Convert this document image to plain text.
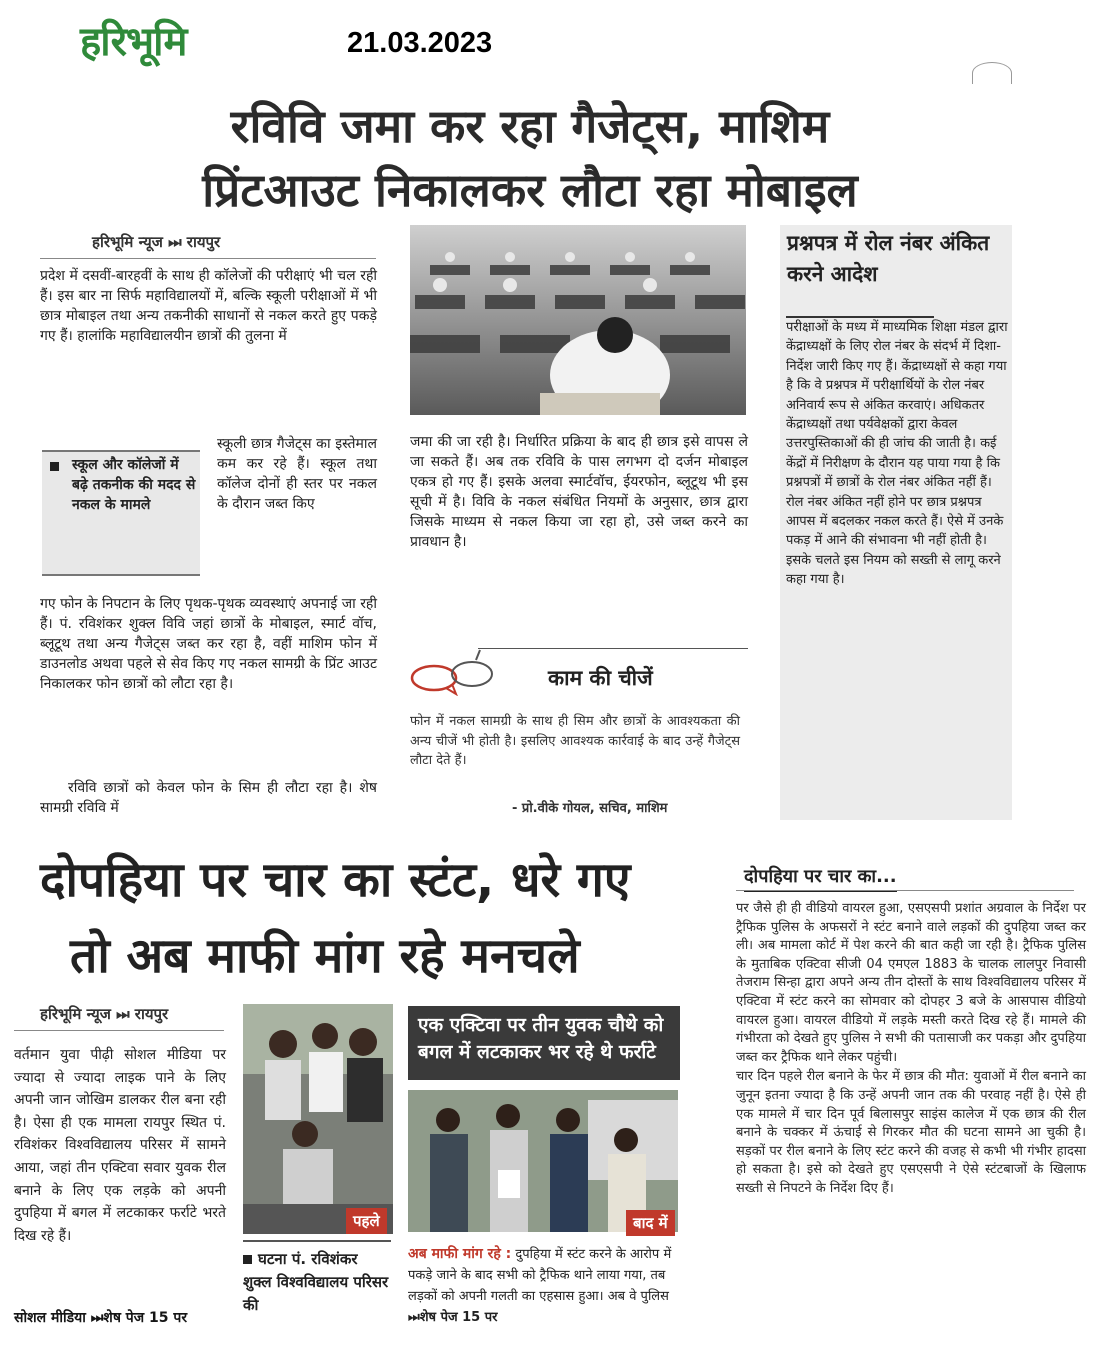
हरिभूमि	21.03.2023
रविवि जमा कर रहा गैजेट्स, माशिम
प्रिंटआउट निकालकर लौटा रहा मोबाइल
हरिभूमि न्यूज ⏭ रायपुर
प्रदेश में दसवीं-बारहवीं के साथ ही कॉलेजों की परीक्षाएं भी चल रही हैं। इस बार ना सिर्फ महाविद्यालयों में, बल्कि स्कूली परीक्षाओं में भी छात्र मोबाइल तथा अन्य तकनीकी साधानों से नकल करते हुए पकड़े गए हैं। हालांकि महाविद्यालयीन छात्रों की तुलना में
स्कूल और कॉलेजों में बढ़े तकनीक की मदद से नकल के मामले
स्कूली छात्र गैजेट्स का इस्तेमाल कम कर रहे हैं। स्कूल तथा कॉलेज दोनों ही स्तर पर नकल के दौरान जब्त किए
गए फोन के निपटान के लिए पृथक-पृथक व्यवस्थाएं अपनाई जा रही हैं। पं. रविशंकर शुक्ल विवि जहां छात्रों के मोबाइल, स्मार्ट वॉच, ब्लूटूथ तथा अन्य गैजेट्स जब्त कर रहा है, वहीं माशिम फोन में डाउनलोड अथवा पहले से सेव किए गए नकल सामग्री के प्रिंट आउट निकालकर फोन छात्रों को लौटा रहा है।
रविवि छात्रों को केवल फोन के सिम ही लौटा रहा है। शेष सामग्री रविवि में
जमा की जा रही है। निर्धारित प्रक्रिया के बाद ही छात्र इसे वापस ले जा सकते हैं। अब तक रविवि के पास लगभग दो दर्जन मोबाइल एकत्र हो गए हैं। इसके अलवा स्मार्टवॉच, ईयरफोन, ब्लूटूथ भी इस सूची में है। विवि के नकल संबंधित नियमों के अनुसार, छात्र द्वारा जिसके माध्यम से नकल किया जा रहा हो, उसे जब्त करने का प्रावधान है।
काम की चीजें
फोन में नकल सामग्री के साथ ही सिम और छात्रों के आवश्यकता की अन्य चीजें भी होती है। इसलिए आवश्यक कार्रवाई के बाद उन्हें गैजेट्स लौटा देते हैं।
- प्रो.वीके गोयल, सचिव, माशिम
प्रश्नपत्र में रोल नंबर अंकित करने आदेश
परीक्षाओं के मध्य में माध्यमिक शिक्षा मंडल द्वारा केंद्राध्यक्षों के लिए रोल नंबर के संदर्भ में दिशा-निर्देश जारी किए गए हैं। केंद्राध्यक्षों से कहा गया है कि वे प्रश्नपत्र में परीक्षार्थियों के रोल नंबर अनिवार्य रूप से अंकित करवाएं। अधिकतर केंद्राध्यक्षों तथा पर्यवेक्षकों द्वारा केवल उत्तरपुस्तिकाओं की ही जांच की जाती है। कई केंद्रों में निरीक्षण के दौरान यह पाया गया है कि प्रश्नपत्रों में छात्रों के रोल नंबर अंकित नहीं हैं। रोल नंबर अंकित नहीं होने पर छात्र प्रश्नपत्र आपस में बदलकर नकल करते हैं। ऐसे में उनके पकड़ में आने की संभावना भी नहीं होती है। इसके चलते इस नियम को सख्ती से लागू करने कहा गया है।
दोपहिया पर चार का स्टंट, धरे गए
तो अब माफी मांग रहे मनचले
हरिभूमि न्यूज ⏭ रायपुर
वर्तमान युवा पीढ़ी सोशल मीडिया पर ज्यादा से ज्यादा लाइक पाने के लिए अपनी जान जोखिम डालकर रील बना रही है। ऐसा ही एक मामला रायपुर स्थित पं. रविशंकर विश्वविद्यालय परिसर में सामने आया, जहां तीन एक्टिवा सवार युवक रील बनाने के लिए एक लड़के को अपनी दुपहिया में बगल में लटकाकर फर्राटे भरते दिख रहे हैं।
सोशल मीडिया ⏭शेष पेज 15 पर
पहले
घटना पं. रविशंकर शुक्ल विश्वविद्यालय परिसर की
एक एक्टिवा पर तीन युवक चौथे को बगल में लटकाकर भर रहे थे फर्राटे
बाद में
अब माफी मांग रहे : दुपहिया में स्टंट करने के आरोप में पकड़े जाने के बाद सभी को ट्रैफिक थाने लाया गया, तब लड़कों को अपनी गलती का एहसास हुआ। अब वे पुलिस ⏭शेष पेज 15 पर
दोपहिया पर चार का...
पर जैसे ही ही वीडियो वायरल हुआ, एसएसपी प्रशांत अग्रवाल के निर्देश पर ट्रैफिक पुलिस के अफसरों ने स्टंट बनाने वाले लड़कों की दुपहिया जब्त कर ली। अब मामला कोर्ट में पेश करने की बात कही जा रही है। ट्रैफिक पुलिस के मुताबिक एक्टिवा सीजी 04 एमएल 1883 के चालक लालपुर निवासी तेजराम सिन्हा द्वारा अपने अन्य तीन दोस्तों के साथ विश्वविद्यालय परिसर में एक्टिवा में स्टंट करने का सोमवार को दोपहर 3 बजे के आसपास वीडियो वायरल हुआ। वायरल वीडियो में लड़के मस्ती करते दिख रहे हैं। मामले की गंभीरता को देखते हुए पुलिस ने सभी की पतासाजी कर पकड़ा और दुपहिया जब्त कर ट्रैफिक थाने लेकर पहुंची।
चार दिन पहले रील बनाने के फेर में छात्र की मौत: युवाओं में रील बनाने का जुनून इतना ज्यादा है कि उन्हें अपनी जान तक की परवाह नहीं है। ऐसे ही एक मामले में चार दिन पूर्व बिलासपुर साइंस कालेज में एक छात्र की रील बनाने के चक्कर में ऊंचाई से गिरकर मौत की घटना सामने आ चुकी है। सड़कों पर रील बनाने के लिए स्टंट करने की वजह से कभी भी गंभीर हादसा हो सकता है। इसे को देखते हुए एसएसपी ने ऐसे स्टंटबाजों के खिलाफ सख्ती से निपटने के निर्देश दिए हैं।
